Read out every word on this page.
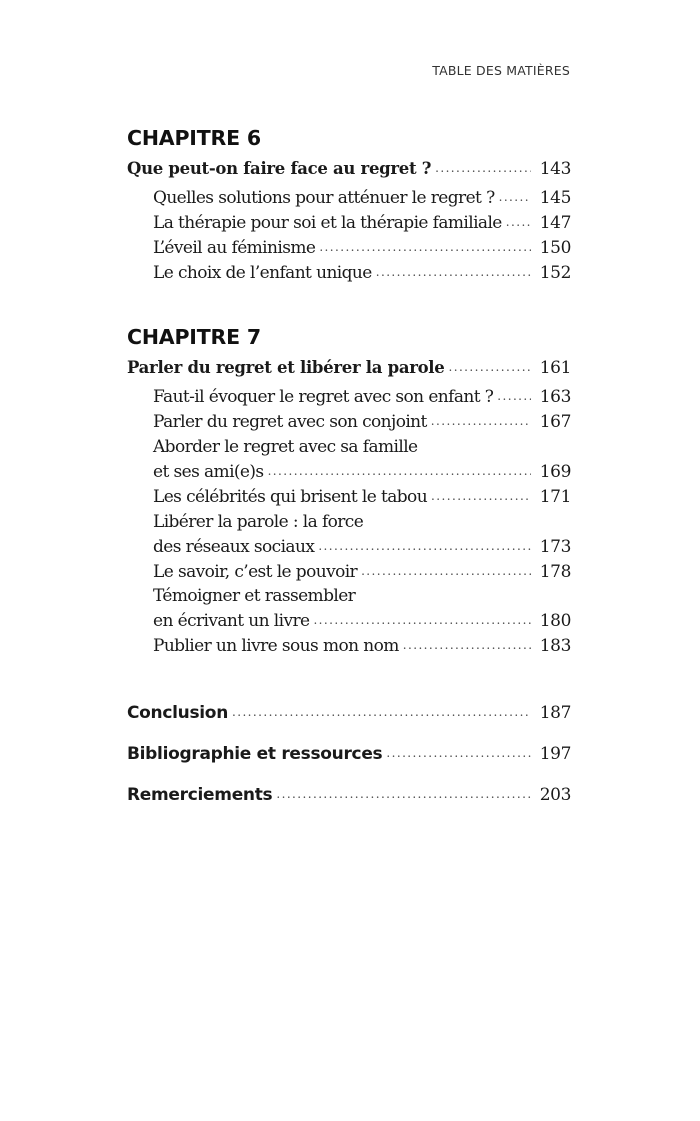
TABLE DES MATIÈRES
CHAPITRE 6
Que peut-on faire face au regret ? . . .	143
Quelles solutions pour atténuer le regret ? . . .	145
La thérapie pour soi et la thérapie familiale . . . 147
L’éveil au féminisme . . .	150
Le choix de l’enfant unique . . .	152
CHAPITRE 7
Parler du regret et libérer la parole . . .	161
Faut-il évoquer le regret avec son enfant ? . . .	163
Parler du regret avec son conjoint . . .	167
Aborder le regret avec sa famille
et ses ami(e)s . . .	169
Les célébrités qui brisent le tabou . . .	171
Libérer la parole : la force
des réseaux sociaux . . .	173
Le savoir, c’est le pouvoir . . .	178
Témoigner et rassembler
en écrivant un livre . . .	180
Publier un livre sous mon nom . . .	183
Conclusion . . .	187
Bibliographie et ressources . . .	197
Remerciements . . .	203
